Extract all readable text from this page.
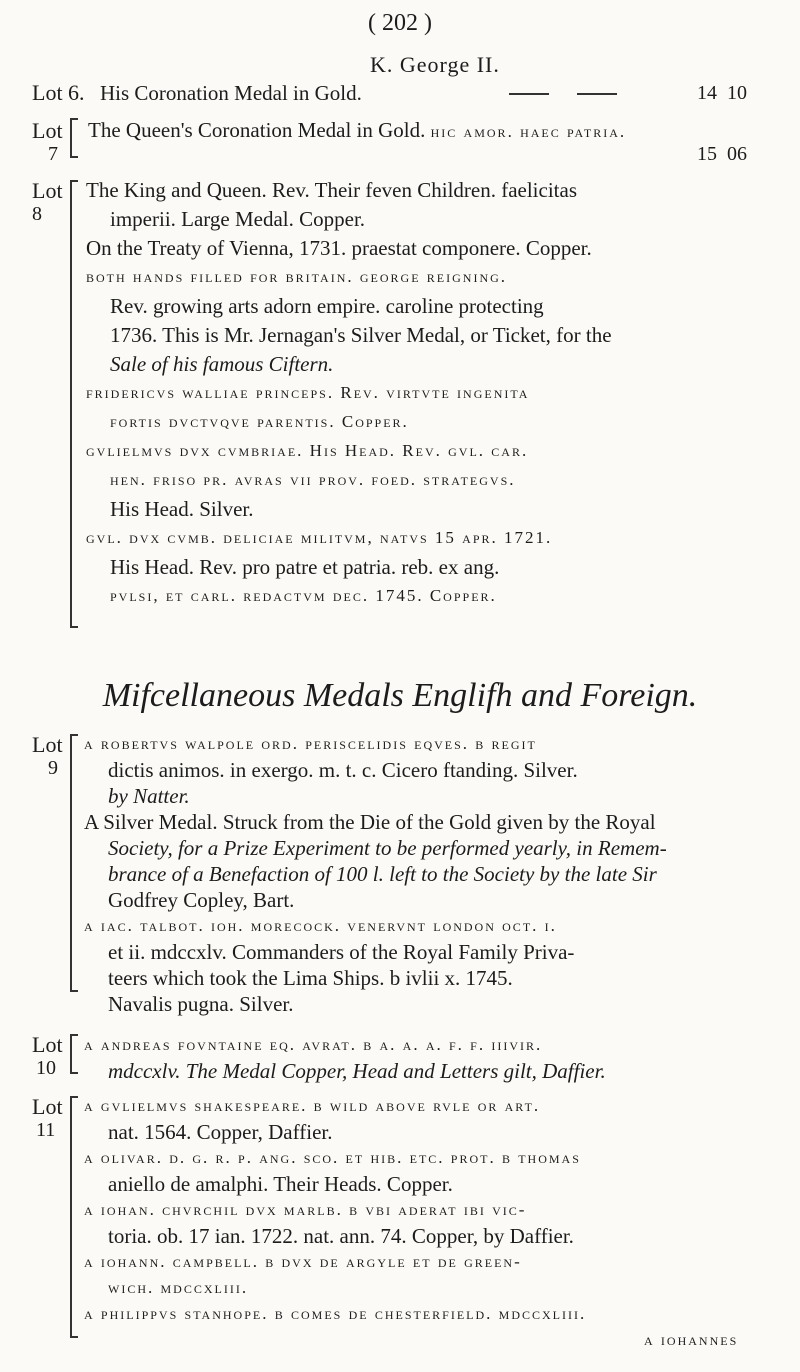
( 202 )
K. George II.
Lot 6. His Coronation Medal in Gold.	14 10
Lot
7
The Queen's Coronation Medal in Gold. hic amor. haec patria.
15 06
Lot
8
The King and Queen. Rev. Their feven Children. faelicitas
imperii. Large Medal. Copper.
On the Treaty of Vienna, 1731. praestat componere. Copper.
both hands filled for britain. george reigning.
Rev. growing arts adorn empire. caroline protecting
1736. This is Mr. Jernagan's Silver Medal, or Ticket, for the
Sale of his famous Ciftern.
fridericvs walliae princeps. Rev. virtvte ingenita
fortis dvctvqve parentis. Copper.
gvlielmvs dvx cvmbriae. His Head. Rev. gvl. car.
hen. friso pr. avras vii prov. foed. strategvs.
His Head. Silver.
gvl. dvx cvmb. deliciae militvm, natvs 15 apr. 1721.
His Head. Rev. pro patre et patria. reb. ex ang.
pvlsi, et carl. redactvm dec. 1745. Copper.
Mifcellaneous Medals Englifh and Foreign.
Lot
9
a robertvs walpole ord. periscelidis eqves. b regit
dictis animos. in exergo. m. t. c. Cicero ftanding. Silver.
by Natter.
A Silver Medal. Struck from the Die of the Gold given by the Royal
Society, for a Prize Experiment to be performed yearly, in Remem-
brance of a Benefaction of 100 l. left to the Society by the late Sir
Godfrey Copley, Bart.
a iac. talbot. ioh. morecock. venervnt london oct. i.
et ii. mdccxlv. Commanders of the Royal Family Priva-
teers which took the Lima Ships. b ivlii x. 1745.
Navalis pugna. Silver.
Lot
10
a andreas fovntaine eq. avrat. b a. a. a. f. f. iiivir.
mdccxlv. The Medal Copper, Head and Letters gilt, Daffier.
Lot
11
a gvlielmvs shakespeare. b wild above rvle or art.
nat. 1564. Copper, Daffier.
a olivar. d. g. r. p. ang. sco. et hib. etc. prot. b thomas
aniello de amalphi. Their Heads. Copper.
a iohan. chvrchil dvx marlb. b vbi aderat ibi vic-
toria. ob. 17 ian. 1722. nat. ann. 74. Copper, by Daffier.
a iohann. campbell. b dvx de argyle et de green-
wich. mdccxliii.
a philippvs stanhope. b comes de chesterfield. mdccxliii.
a iohannes
